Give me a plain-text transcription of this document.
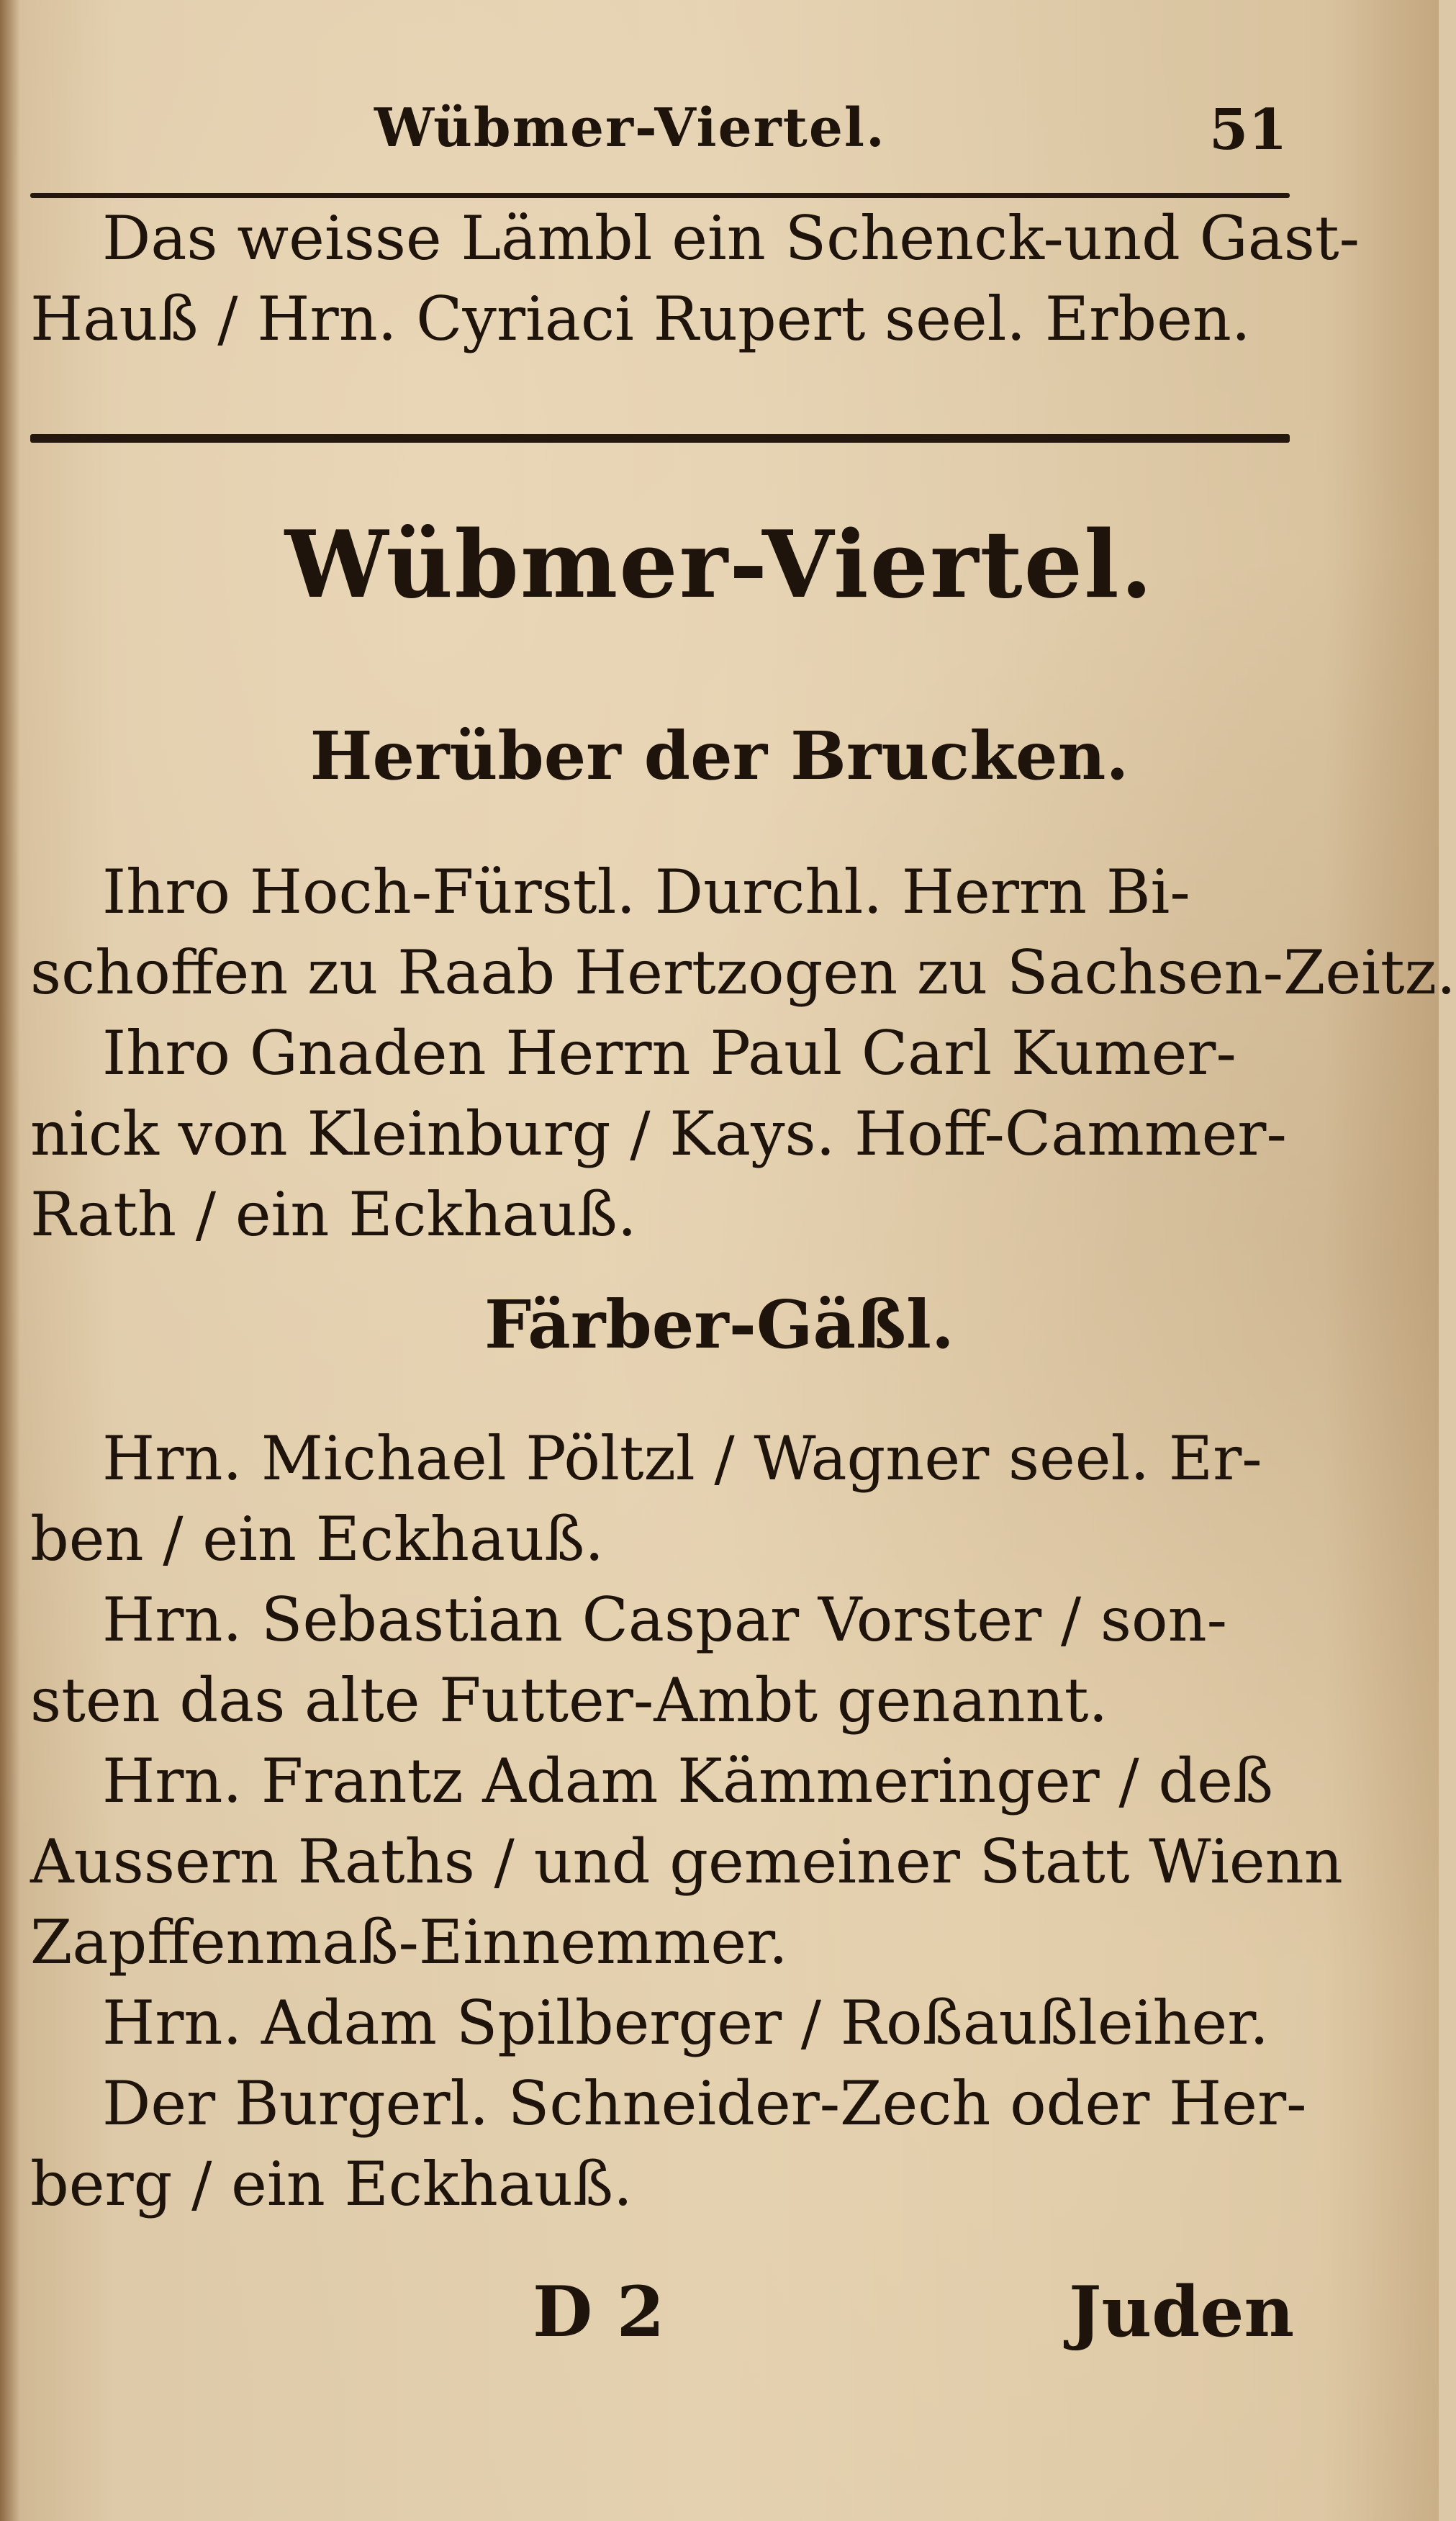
Wübmer-Viertel.	51
Das weisse Lämbl ein Schenck-und Gast-
Hauß / Hrn. Cyriaci Rupert seel. Erben.
Wübmer-Viertel.
Herüber der Brucken.
Ihro Hoch-Fürstl. Durchl. Herrn Bi-
schoffen zu Raab Hertzogen zu Sachsen-Zeitz.
Ihro Gnaden Herrn Paul Carl Kumer-
nick von Kleinburg / Kays. Hoff-Cammer-
Rath / ein Eckhauß.
Färber-Gäßl.
Hrn. Michael Pöltzl / Wagner seel. Er-
ben / ein Eckhauß.
Hrn. Sebastian Caspar Vorster / son-
sten das alte Futter-Ambt genannt.
Hrn. Frantz Adam Kämmeringer / deß
Aussern Raths / und gemeiner Statt Wienn
Zapffenmaß-Einnemmer.
Hrn. Adam Spilberger / Roßaußleiher.
Der Burgerl. Schneider-Zech oder Her-
berg / ein Eckhauß.
D 2	Juden
